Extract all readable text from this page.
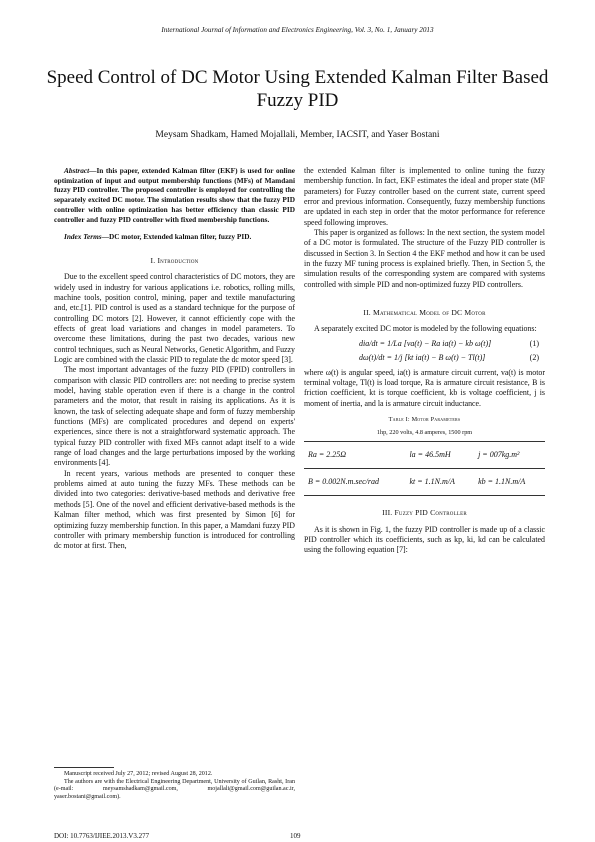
International Journal of Information and Electronics Engineering, Vol. 3, No. 1, January 2013
Speed Control of DC Motor Using Extended Kalman Filter Based Fuzzy PID
Meysam Shadkam, Hamed Mojallali, Member, IACSIT, and Yaser Bostani

Abstract—In this paper, extended Kalman filter (EKF) is used for online optimization of input and output membership functions (MFs) of Mamdani fuzzy PID controller. The proposed controller is employed for controlling the separately excited DC motor. The simulation results show that the fuzzy PID controller with online optimization has better efficiency than classic PID controller and fuzzy PID controller with fixed membership functions.

Index Terms—DC motor, Extended kalman filter, fuzzy PID.

I. Introduction

Due to the excellent speed control characteristics of DC motors, they are widely used in industry for various applications i.e. robotics, rolling mills, machine tools, position control, mining, paper and textile manufacturing and, etc.[1]. PID control is used as a standard technique for the purpose of controlling DC motors [2]. However, it cannot efficiently cope with the effects of great load variations and changes in model parameters. To overcome these limitations, during the past two decades, various new control techniques, such as Neural Networks, Genetic Algorithm, and Fuzzy Logic are combined with the classic PID to regulate the dc motor speed [3].

The most important advantages of the fuzzy PID (FPID) controllers in comparison with classic PID controllers are: not needing to precise system model, having stable operation even if there is a change in the control parameters and the motor, that result in raising its applications. As it is known, the task of selecting adequate shape and form of fuzzy membership functions (MFs) are complicated procedures and depend on experts' experiences, since there is not a straightforward systematic approach. The typical fuzzy PID controller with fixed MFs cannot adapt itself to a wide range of load changes and the large perturbations imposed by the working environments [4].

In recent years, various methods are presented to conquer these problems aimed at auto tuning the fuzzy MFs. These methods can be divided into two categories: derivative-based methods and derivative free methods [5]. One of the novel and efficient derivative-based methods is the Kalman filter method, which was first presented by Simon [6] for optimizing fuzzy membership function. In this paper, a Mamdani fuzzy PID controller with primary membership function is introduced for controlling dc motor at first. Then,

Manuscript received July 27, 2012; revised August 28, 2012.
The authors are with the Electrical Engineering Department, University of Guilan, Rasht, Iran (e-mail: meysamshadkam@gmail.com, mojallali@gmail.com@guilan.ac.ir, yaser.bostani@gmail.com).

the extended Kalman filter is implemented to online tuning the fuzzy membership function. In fact, EKF estimates the ideal and proper state (MF parameters) for Fuzzy controller based on the current state, current speed error and previous information. Consequently, fuzzy membership functions are updated in each step in order that the motor performance for reference speed following improves.

This paper is organized as follows: In the next section, the system model of a DC motor is formulated. The structure of the Fuzzy PID controller is discussed in Section 3. In Section 4 the EKF method and how it can be used in the fuzzy MF tuning process is explained briefly. Then, in Section 5, the simulation results of the corresponding system are compared with systems controlled with simple PID and non-optimized fuzzy PID controllers.

II. Mathematical Model of DC Motor

A separately excited DC motor is modeled by the following equations:

dia/dt = 1/La [va(t) − Ra ia(t) − kb ω(t)]	(1)
dω(t)/dt = 1/j [kt ia(t) − B ω(t) − Tl(t)]	(2)

where ω(t) is angular speed, ia(t) is armature circuit current, va(t) is motor terminal voltage, Tl(t) is load torque, Ra is armature circuit resistance, B is friction coefficient, kt is torque coefficient, kb is voltage coefficient, j is moment of inertia, and la is armature circuit inductance.

Table I: Motor Parameters
1hp, 220 volts, 4.8 amperes, 1500 rpm
Ra = 2.25Ω	la = 46.5mH	j = 007kg.m²
B = 0.002N.m.sec/rad	kt = 1.1N.m/A	kb = 1.1N.m/A
III. Fuzzy PID Controller

As it is shown in Fig. 1, the fuzzy PID controller is made up of a classic PID controller which its coefficients, such as kp, ki, kd can be calculated using the following equation [7]:

DOI: 10.7763/IJIEE.2013.V3.277	109
